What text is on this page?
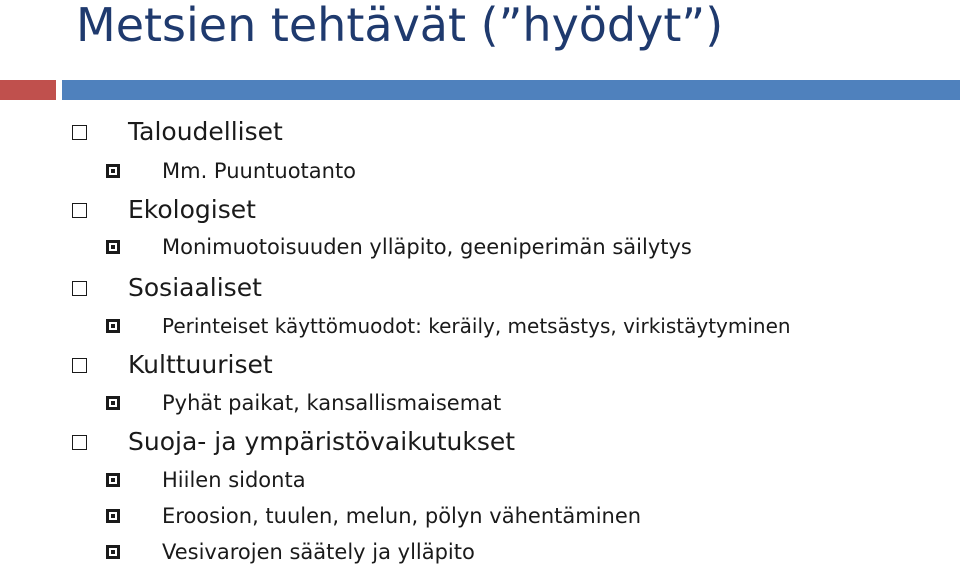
Metsien tehtävät (”hyödyt”)
Taloudelliset
Mm. Puuntuotanto
Ekologiset
Monimuotoisuuden ylläpito, geeniperimän säilytys
Sosiaaliset
Perinteiset käyttömuodot: keräily, metsästys, virkistäytyminen
Kulttuuriset
Pyhät paikat, kansallismaisemat
Suoja- ja ympäristövaikutukset
Hiilen sidonta
Eroosion, tuulen, melun, pölyn vähentäminen
Vesivarojen säätely ja ylläpito
